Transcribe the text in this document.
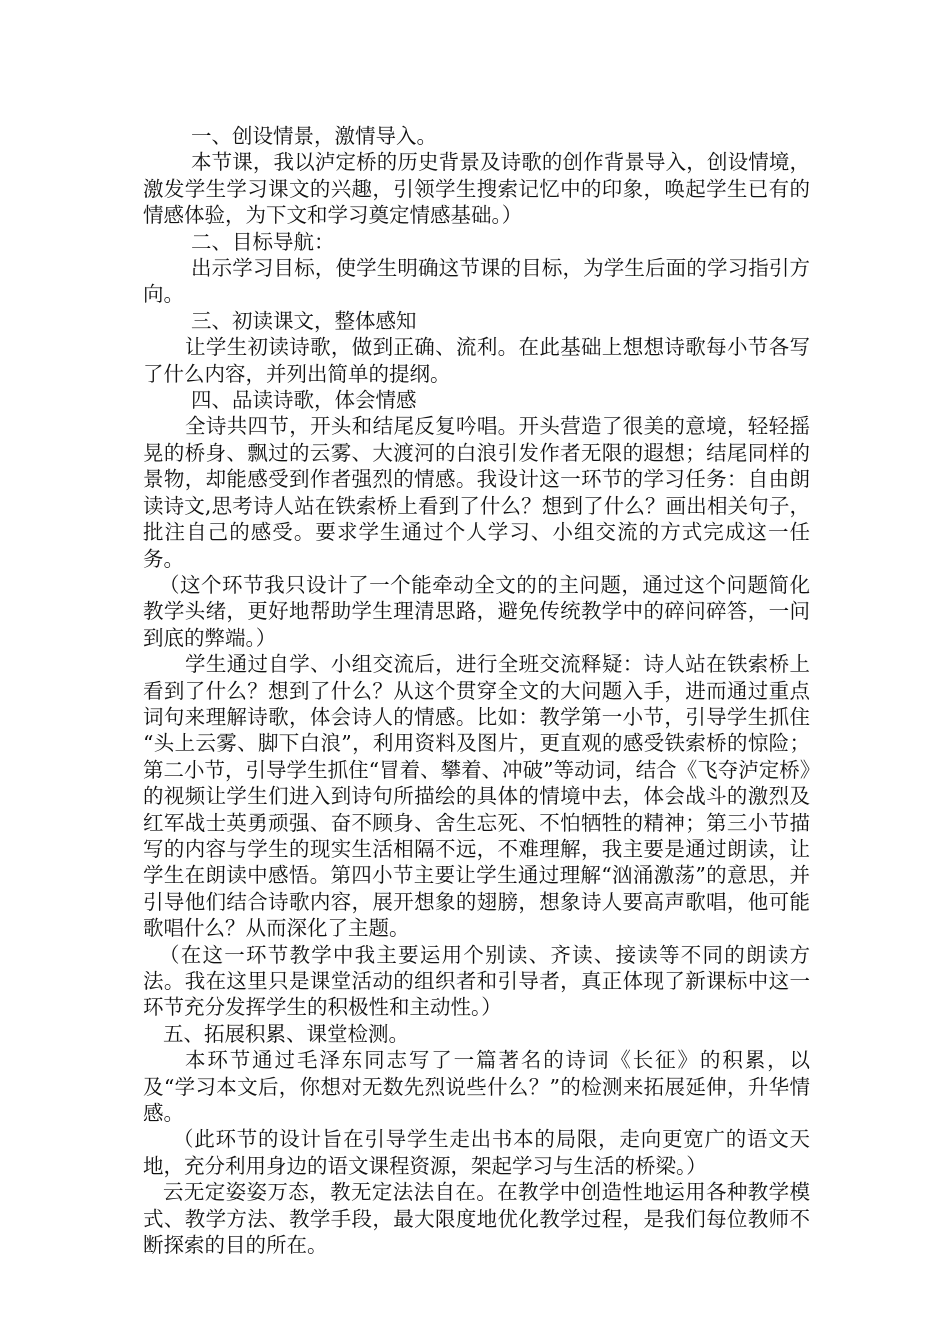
一、创设情景，激情导入。

本节课，我以泸定桥的历史背景及诗歌的创作背景导入，创设情境，激发学生学习课文的兴趣，引领学生搜索记忆中的印象，唤起学生已有的情感体验，为下文和学习奠定情感基础。）

二、目标导航：

出示学习目标，使学生明确这节课的目标，为学生后面的学习指引方向。

三、初读课文，整体感知

让学生初读诗歌，做到正确、流利。在此基础上想想诗歌每小节各写了什么内容，并列出简单的提纲。

四、品读诗歌，体会情感

全诗共四节，开头和结尾反复吟唱。开头营造了很美的意境，轻轻摇晃的桥身、飘过的云雾、大渡河的白浪引发作者无限的遐想；结尾同样的景物，却能感受到作者强烈的情感。我设计这一环节的学习任务：自由朗读诗文,思考诗人站在铁索桥上看到了什么？想到了什么？画出相关句子，批注自己的感受。要求学生通过个人学习、小组交流的方式完成这一任务。

（这个环节我只设计了一个能牵动全文的的主问题，通过这个问题简化教学头绪，更好地帮助学生理清思路，避免传统教学中的碎问碎答，一问到底的弊端。）

学生通过自学、小组交流后，进行全班交流释疑：诗人站在铁索桥上看到了什么？想到了什么？从这个贯穿全文的大问题入手，进而通过重点词句来理解诗歌，体会诗人的情感。比如：教学第一小节，引导学生抓住 “头上云雾、脚下白浪”，利用资料及图片，更直观的感受铁索桥的惊险；第二小节，引导学生抓住“冒着、攀着、冲破”等动词，结合《飞夺泸定桥》的视频让学生们进入到诗句所描绘的具体的情境中去，体会战斗的激烈及红军战士英勇顽强、奋不顾身、舍生忘死、不怕牺牲的精神；第三小节描写的内容与学生的现实生活相隔不远，不难理解，我主要是通过朗读，让学生在朗读中感悟。第四小节主要让学生通过理解“汹涌激荡”的意思，并引导他们结合诗歌内容，展开想象的翅膀，想象诗人要高声歌唱，他可能歌唱什么？从而深化了主题。

（在这一环节教学中我主要运用个别读、齐读、接读等不同的朗读方法。我在这里只是课堂活动的组织者和引导者，真正体现了新课标中这一环节充分发挥学生的积极性和主动性。）

五、拓展积累、课堂检测。

本环节通过毛泽东同志写了一篇著名的诗词《长征》的积累，以及“学习本文后，你想对无数先烈说些什么？”的检测来拓展延伸，升华情感。

（此环节的设计旨在引导学生走出书本的局限，走向更宽广的语文天地，充分利用身边的语文课程资源，架起学习与生活的桥梁。）

云无定姿姿万态，教无定法法自在。在教学中创造性地运用各种教学模式、教学方法、教学手段，最大限度地优化教学过程，是我们每位教师不断探索的目的所在。
